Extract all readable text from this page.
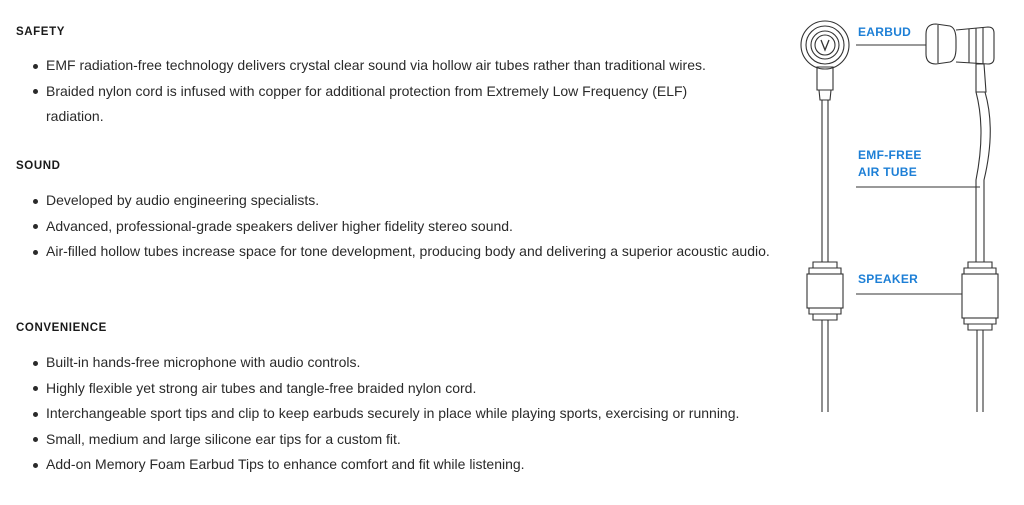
SAFETY
EMF radiation-free technology delivers crystal clear sound via hollow air tubes rather than traditional wires.
Braided nylon cord is infused with copper for additional protection from Extremely Low Frequency (ELF) radiation.
SOUND
Developed by audio engineering specialists.
Advanced, professional-grade speakers deliver higher fidelity stereo sound.
Air-filled hollow tubes increase space for tone development, producing body and delivering a superior acoustic audio.
CONVENIENCE
Built-in hands-free microphone with audio controls.
Highly flexible yet strong air tubes and tangle-free braided nylon cord.
Interchangeable sport tips and clip to keep earbuds securely in place while playing sports, exercising or running.
Small, medium and large silicone ear tips for a custom fit.
Add-on Memory Foam Earbud Tips to enhance comfort and fit while listening.
EARBUD
EMF-FREE
AIR TUBE
SPEAKER
